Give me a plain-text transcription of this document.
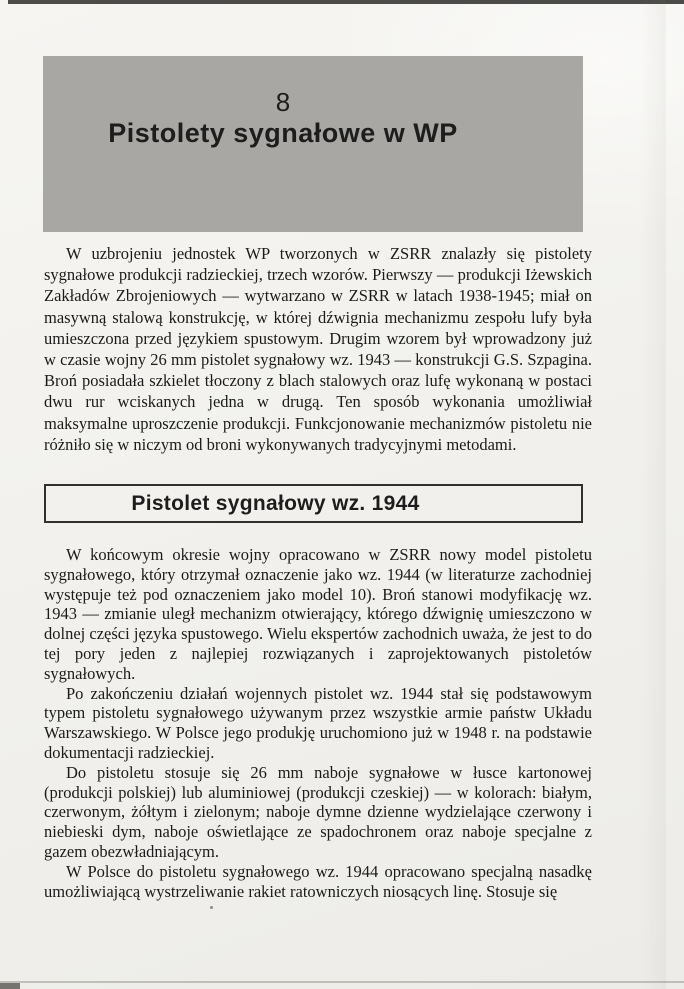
8
Pistolety sygnałowe w WP

W uzbrojeniu jednostek WP tworzonych w ZSRR znalazły się pistolety sygnałowe produkcji radzieckiej, trzech wzorów. Pierwszy — produkcji Iżewskich Zakładów Zbrojeniowych — wytwarzano w ZSRR w latach 1938-1945; miał on masywną stalową konstrukcję, w której dźwignia mechanizmu zespołu lufy była umieszczona przed językiem spustowym. Drugim wzorem był wprowadzony już w czasie wojny 26 mm pistolet sygnałowy wz. 1943 — konstrukcji G.S. Szpagina. Broń posiadała szkielet tłoczony z blach stalowych oraz lufę wykonaną w postaci dwu rur wciskanych jedna w drugą. Ten sposób wykonania umożliwiał maksymalne uproszczenie produkcji. Funkcjonowanie mechanizmów pistoletu nie różniło się w niczym od broni wykonywanych tradycyjnymi metodami.

Pistolet sygnałowy wz. 1944

W końcowym okresie wojny opracowano w ZSRR nowy model pistoletu sygnałowego, który otrzymał oznaczenie jako wz. 1944 (w literaturze zachodniej występuje też pod oznaczeniem jako model 10). Broń stanowi modyfikację wz. 1943 — zmianie uległ mechanizm otwierający, którego dźwignię umieszczono w dolnej części języka spustowego. Wielu ekspertów zachodnich uważa, że jest to do tej pory jeden z najlepiej rozwiązanych i zaprojektowanych pistoletów sygnałowych.

Po zakończeniu działań wojennych pistolet wz. 1944 stał się podstawowym typem pistoletu sygnałowego używanym przez wszystkie armie państw Układu Warszawskiego. W Polsce jego produkję uruchomiono już w 1948 r. na podstawie dokumentacji radzieckiej.

Do pistoletu stosuje się 26 mm naboje sygnałowe w łusce kartonowej (produkcji polskiej) lub aluminiowej (produkcji czeskiej) — w kolorach: białym, czerwonym, żółtym i zielonym; naboje dymne dzienne wydzielające czerwony i niebieski dym, naboje oświetlające ze spadochronem oraz naboje specjalne z gazem obezwładniającym.

W Polsce do pistoletu sygnałowego wz. 1944 opracowano specjalną nasadkę umożliwiającą wystrzeliwanie rakiet ratowniczych niosących linę. Stosuje się
